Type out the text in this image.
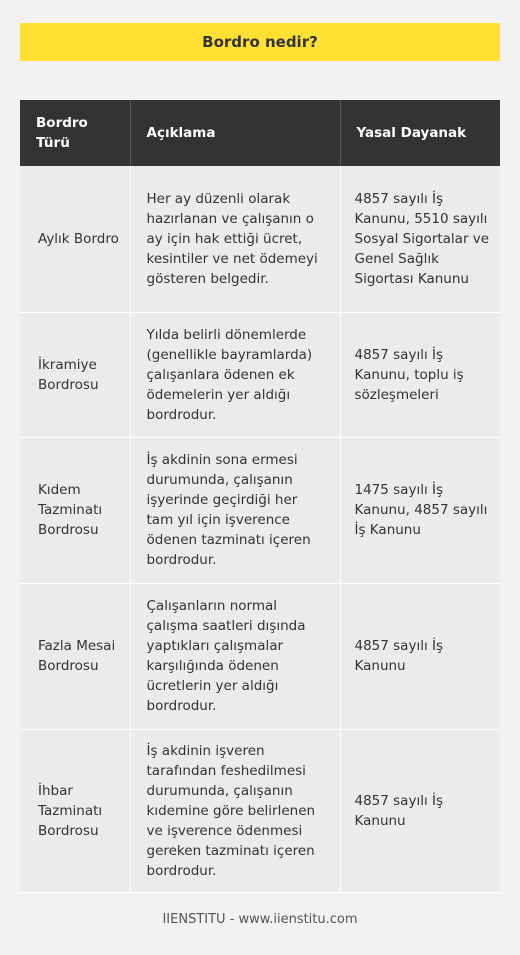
Bordro nedir?
Bordro Türü	Açıklama	Yasal Dayanak
Aylık Bordro	Her ay düzenli olarak hazırlanan ve çalışanın o ay için hak ettiği ücret, kesintiler ve net ödemeyi gösteren belgedir.	4857 sayılı İş Kanunu, 5510 sayılı Sosyal Sigortalar ve Genel Sağlık Sigortası Kanunu
İkramiye Bordrosu	Yılda belirli dönemlerde (genellikle bayramlarda) çalışanlara ödenen ek ödemelerin yer aldığı bordrodur.	4857 sayılı İş Kanunu, toplu iş sözleşmeleri
Kıdem Tazminatı Bordrosu	İş akdinin sona ermesi durumunda, çalışanın işyerinde geçirdiği her tam yıl için işverence ödenen tazminatı içeren bordrodur.	1475 sayılı İş Kanunu, 4857 sayılı İş Kanunu
Fazla Mesai Bordrosu	Çalışanların normal çalışma saatleri dışında yaptıkları çalışmalar karşılığında ödenen ücretlerin yer aldığı bordrodur.	4857 sayılı İş Kanunu
İhbar Tazminatı Bordrosu	İş akdinin işveren tarafından feshedilmesi durumunda, çalışanın kıdemine göre belirlenen ve işverence ödenmesi gereken tazminatı içeren bordrodur.	4857 sayılı İş Kanunu
IIENSTITU - www.iienstitu.com
